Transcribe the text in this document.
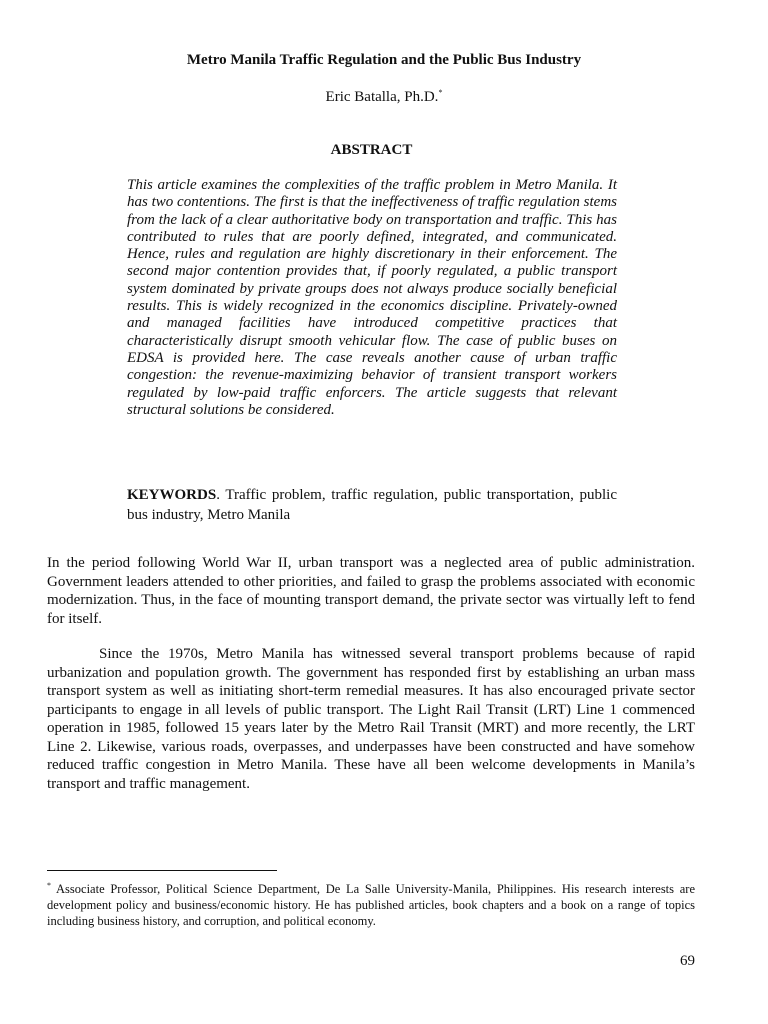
Metro Manila Traffic Regulation and the Public Bus Industry
Eric Batalla, Ph.D.*
ABSTRACT
This article examines the complexities of the traffic problem in Metro Manila. It has two contentions. The first is that the ineffectiveness of traffic regulation stems from the lack of a clear authoritative body on transportation and traffic. This has contributed to rules that are poorly defined, integrated, and communicated. Hence, rules and regulation are highly discretionary in their enforcement. The second major contention provides that, if poorly regulated, a public transport system dominated by private groups does not always produce socially beneficial results. This is widely recognized in the economics discipline. Privately-owned and managed facilities have introduced competitive practices that characteristically disrupt smooth vehicular flow. The case of public buses on EDSA is provided here. The case reveals another cause of urban traffic congestion: the revenue-maximizing behavior of transient transport workers regulated by low-paid traffic enforcers. The article suggests that relevant structural solutions be considered.
KEYWORDS. Traffic problem, traffic regulation, public transportation, public bus industry, Metro Manila
In the period following World War II, urban transport was a neglected area of public administration. Government leaders attended to other priorities, and failed to grasp the problems associated with economic modernization. Thus, in the face of mounting transport demand, the private sector was virtually left to fend for itself.
Since the 1970s, Metro Manila has witnessed several transport problems because of rapid urbanization and population growth. The government has responded first by establishing an urban mass transport system as well as initiating short-term remedial measures. It has also encouraged private sector participants to engage in all levels of public transport. The Light Rail Transit (LRT) Line 1 commenced operation in 1985, followed 15 years later by the Metro Rail Transit (MRT) and more recently, the LRT Line 2. Likewise, various roads, overpasses, and underpasses have been constructed and have somehow reduced traffic congestion in Metro Manila. These have all been welcome developments in Manila’s transport and traffic management.
* Associate Professor, Political Science Department, De La Salle University-Manila, Philippines. His research interests are development policy and business/economic history. He has published articles, book chapters and a book on a range of topics including business history, and corruption, and political economy.
69
